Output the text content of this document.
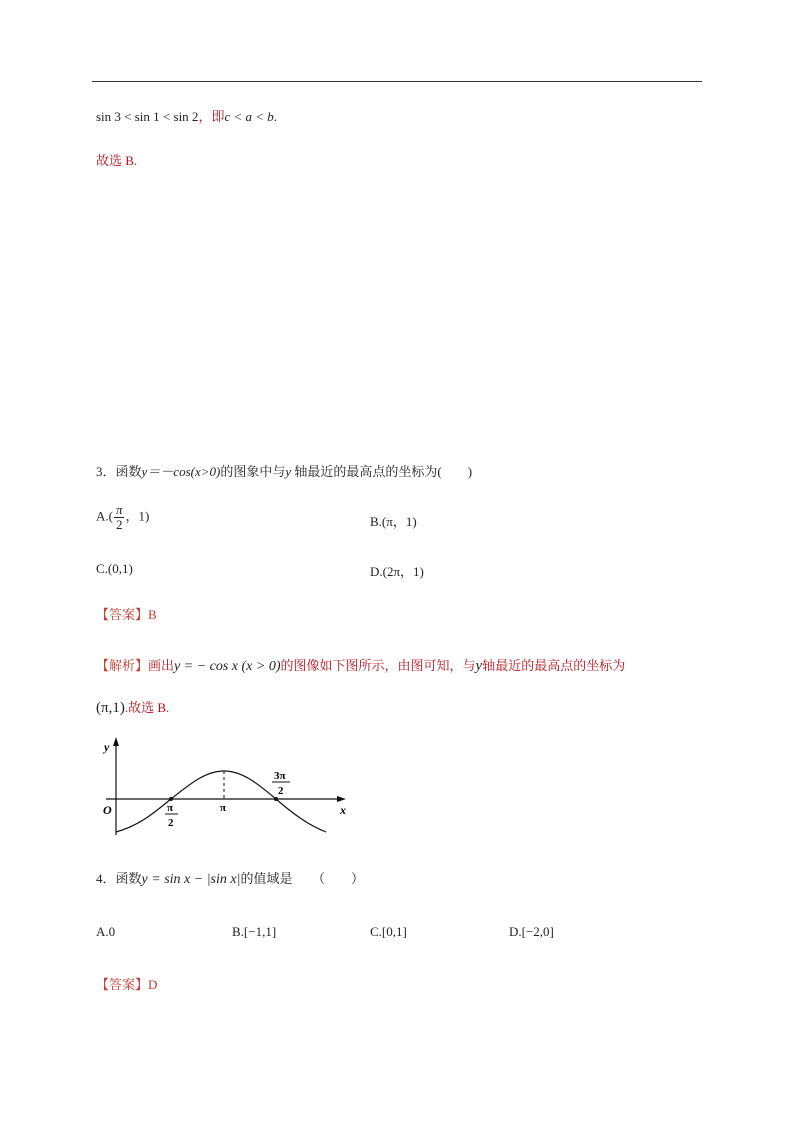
sin 3 < sin 1 < sin 2，即c < a < b.
故选 B.
3．函数y＝－cos(x>0)的图象中与y 轴最近的最高点的坐标为(　　)
$A.( \frac{\pi}{2}$ ，1)	B.(π，1)
C.(0,1)	D.(2π，1)
【答案】B
【解析】画出y = − cos x (x > 0)的图像如下图所示，由图可知，与y轴最近的最高点的坐标为
(π,1).故选 B.
y
x
O	π
2
π
3π
2
4．函数y = sin x − |sin x|的值域是　　（　　）
A.0	B.[−1,1]	C.[0,1]	D.[−2,0]
【答案】D
